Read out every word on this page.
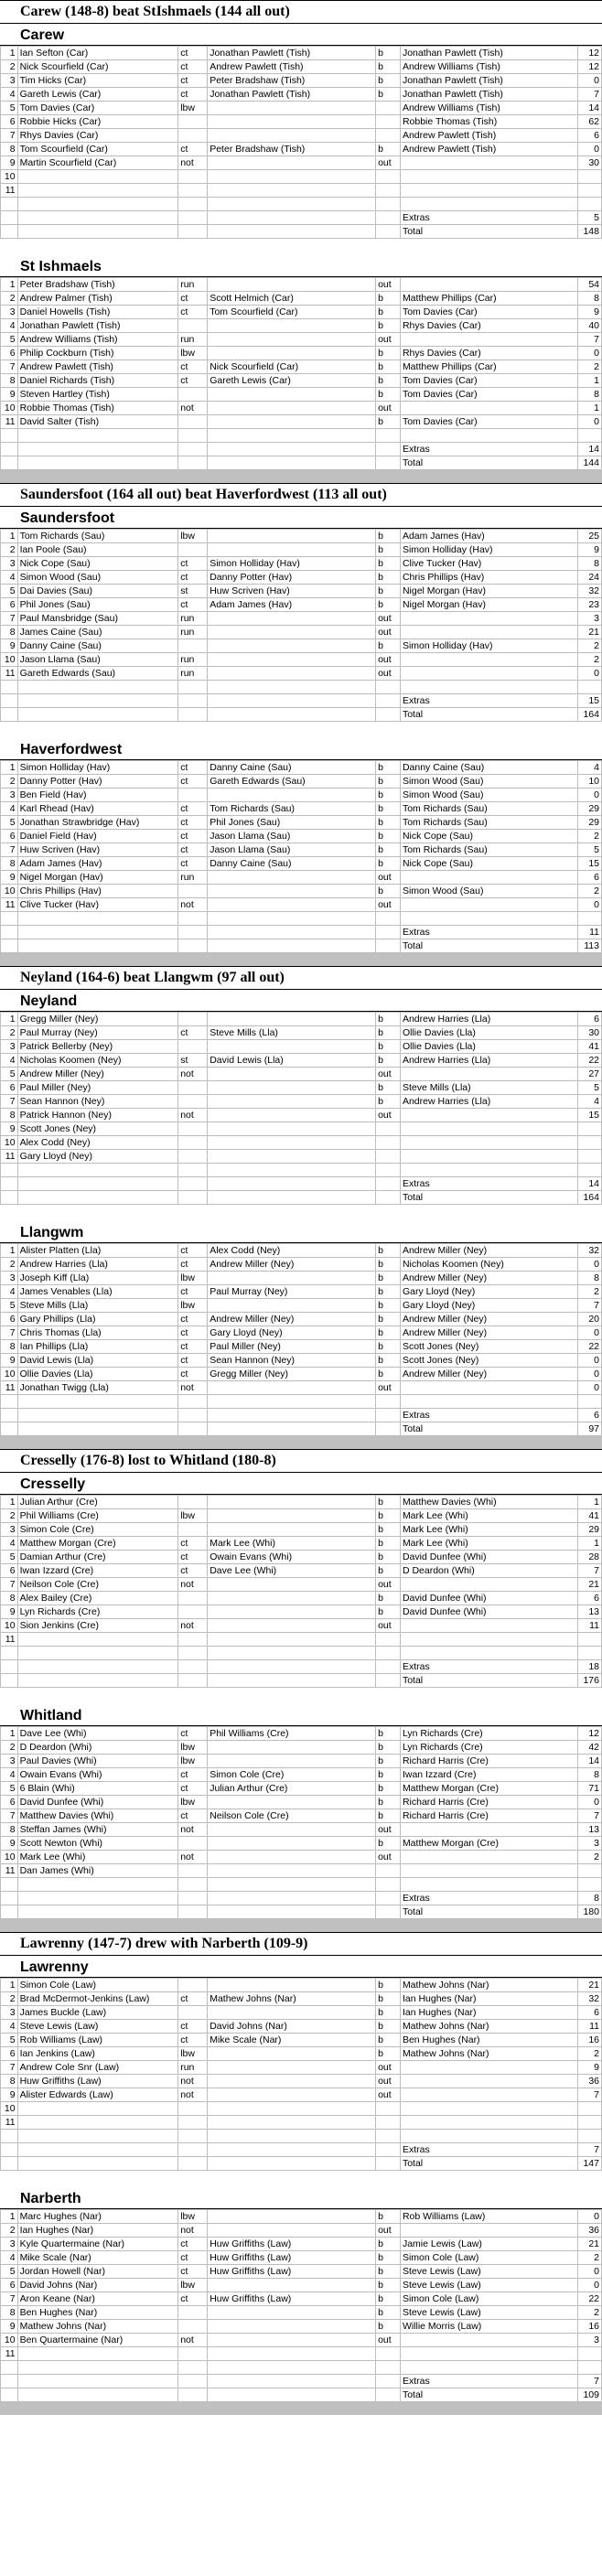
Carew (148-8) beat StIshmaels (144 all out)
Carew
1	Ian Sefton (Car)	ct	Jonathan Pawlett (Tish)	b	Jonathan Pawlett (Tish)	12
2	Nick Scourfield (Car)	ct	Andrew Pawlett (Tish)	b	Andrew Williams (Tish)	12
3	Tim Hicks (Car)	ct	Peter Bradshaw (Tish)	b	Jonathan Pawlett (Tish)	0
4	Gareth Lewis (Car)	ct	Jonathan Pawlett (Tish)	b	Jonathan Pawlett (Tish)	7
5	Tom Davies (Car)	lbw			Andrew Williams (Tish)	14
6	Robbie Hicks (Car)				Robbie Thomas (Tish)	62
7	Rhys Davies (Car)				Andrew Pawlett (Tish)	6
8	Tom Scourfield (Car)	ct	Peter Bradshaw (Tish)	b	Andrew Pawlett (Tish)	0
9	Martin Scourfield (Car)	not		out		30
10						
11						

					Extras	5
					Total	148
St Ishmaels
1	Peter Bradshaw (Tish)	run		out		54
2	Andrew Palmer (Tish)	ct	Scott Helmich (Car)	b	Matthew Phillips (Car)	8
3	Daniel Howells (Tish)	ct	Tom Scourfield (Car)	b	Tom Davies (Car)	9
4	Jonathan Pawlett (Tish)			b	Rhys Davies (Car)	40
5	Andrew Williams (Tish)	run		out		7
6	Philip Cockburn (Tish)	lbw		b	Rhys Davies (Car)	0
7	Andrew Pawlett (Tish)	ct	Nick Scourfield (Car)	b	Matthew Phillips (Car)	2
8	Daniel Richards (Tish)	ct	Gareth Lewis (Car)	b	Tom Davies (Car)	1
9	Steven Hartley (Tish)			b	Tom Davies (Car)	8
10	Robbie Thomas (Tish)	not		out		1
11	David Salter (Tish)			b	Tom Davies (Car)	0

					Extras	14
					Total	144
Saundersfoot (164 all out) beat Haverfordwest (113 all out)
Saundersfoot
1	Tom Richards (Sau)	lbw		b	Adam James (Hav)	25
2	Ian Poole (Sau)			b	Simon Holliday (Hav)	9
3	Nick Cope (Sau)	ct	Simon Holliday (Hav)	b	Clive Tucker (Hav)	8
4	Simon Wood (Sau)	ct	Danny Potter (Hav)	b	Chris Phillips (Hav)	24
5	Dai Davies (Sau)	st	Huw Scriven (Hav)	b	Nigel Morgan (Hav)	32
6	Phil Jones (Sau)	ct	Adam James (Hav)	b	Nigel Morgan (Hav)	23
7	Paul Mansbridge (Sau)	run		out		3
8	James Caine (Sau)	run		out		21
9	Danny Caine (Sau)			b	Simon Holliday (Hav)	2
10	Jason Llama (Sau)	run		out		2
11	Gareth Edwards (Sau)	run		out		0

					Extras	15
					Total	164
Haverfordwest
1	Simon Holliday (Hav)	ct	Danny Caine (Sau)	b	Danny Caine (Sau)	4
2	Danny Potter (Hav)	ct	Gareth Edwards (Sau)	b	Simon Wood (Sau)	10
3	Ben Field (Hav)			b	Simon Wood (Sau)	0
4	Karl Rhead (Hav)	ct	Tom Richards (Sau)	b	Tom Richards (Sau)	29
5	Jonathan Strawbridge (Hav)	ct	Phil Jones (Sau)	b	Tom Richards (Sau)	29
6	Daniel Field (Hav)	ct	Jason Llama (Sau)	b	Nick Cope (Sau)	2
7	Huw Scriven (Hav)	ct	Jason Llama (Sau)	b	Tom Richards (Sau)	5
8	Adam James (Hav)	ct	Danny Caine (Sau)	b	Nick Cope (Sau)	15
9	Nigel Morgan (Hav)	run		out		6
10	Chris Phillips (Hav)			b	Simon Wood (Sau)	2
11	Clive Tucker (Hav)	not		out		0

					Extras	11
					Total	113
Neyland (164-6) beat Llangwm (97 all out)
Neyland
1	Gregg Miller (Ney)			b	Andrew Harries (Lla)	6
2	Paul Murray (Ney)	ct	Steve Mills (Lla)	b	Ollie Davies (Lla)	30
3	Patrick Bellerby (Ney)			b	Ollie Davies (Lla)	41
4	Nicholas Koomen (Ney)	st	David Lewis (Lla)	b	Andrew Harries (Lla)	22
5	Andrew Miller (Ney)	not		out		27
6	Paul Miller (Ney)			b	Steve Mills (Lla)	5
7	Sean Hannon (Ney)			b	Andrew Harries (Lla)	4
8	Patrick Hannon (Ney)	not		out		15
9	Scott Jones (Ney)					
10	Alex Codd (Ney)					
11	Gary Lloyd (Ney)					

					Extras	14
					Total	164
Llangwm
1	Alister Platten (Lla)	ct	Alex Codd (Ney)	b	Andrew Miller (Ney)	32
2	Andrew Harries (Lla)	ct	Andrew Miller (Ney)	b	Nicholas Koomen (Ney)	0
3	Joseph Kiff (Lla)	lbw		b	Andrew Miller (Ney)	8
4	James Venables (Lla)	ct	Paul Murray (Ney)	b	Gary Lloyd (Ney)	2
5	Steve Mills (Lla)	lbw		b	Gary Lloyd (Ney)	7
6	Gary Phillips (Lla)	ct	Andrew Miller (Ney)	b	Andrew Miller (Ney)	20
7	Chris Thomas (Lla)	ct	Gary Lloyd (Ney)	b	Andrew Miller (Ney)	0
8	Ian Phillips (Lla)	ct	Paul Miller (Ney)	b	Scott Jones (Ney)	22
9	David Lewis (Lla)	ct	Sean Hannon (Ney)	b	Scott Jones (Ney)	0
10	Ollie Davies (Lla)	ct	Gregg Miller (Ney)	b	Andrew Miller (Ney)	0
11	Jonathan Twigg (Lla)	not		out		0

					Extras	6
					Total	97
Cresselly (176-8) lost to Whitland (180-8)
Cresselly
1	Julian Arthur (Cre)			b	Matthew Davies (Whi)	1
2	Phil Williams (Cre)	lbw		b	Mark Lee (Whi)	41
3	Simon Cole (Cre)			b	Mark Lee (Whi)	29
4	Matthew Morgan (Cre)	ct	Mark Lee (Whi)	b	Mark Lee (Whi)	1
5	Damian Arthur (Cre)	ct	Owain Evans (Whi)	b	David Dunfee (Whi)	28
6	Iwan Izzard (Cre)	ct	Dave Lee (Whi)	b	D Deardon (Whi)	7
7	Neilson Cole (Cre)	not		out		21
8	Alex Bailey (Cre)			b	David Dunfee (Whi)	6
9	Lyn Richards (Cre)			b	David Dunfee (Whi)	13
10	Sion Jenkins (Cre)	not		out		11
11						

					Extras	18
					Total	176
Whitland
1	Dave Lee (Whi)	ct	Phil Williams (Cre)	b	Lyn Richards (Cre)	12
2	D Deardon (Whi)	lbw		b	Lyn Richards (Cre)	42
3	Paul Davies (Whi)	lbw		b	Richard Harris (Cre)	14
4	Owain Evans (Whi)	ct	Simon Cole (Cre)	b	Iwan Izzard (Cre)	8
5	6 Blain (Whi)	ct	Julian Arthur (Cre)	b	Matthew Morgan (Cre)	71
6	David Dunfee (Whi)	lbw		b	Richard Harris (Cre)	0
7	Matthew Davies (Whi)	ct	Neilson Cole (Cre)	b	Richard Harris (Cre)	7
8	Steffan James (Whi)	not		out		13
9	Scott Newton (Whi)			b	Matthew Morgan (Cre)	3
10	Mark Lee (Whi)	not		out		2
11	Dan James (Whi)					

					Extras	8
					Total	180
Lawrenny (147-7) drew with Narberth (109-9)
Lawrenny
1	Simon Cole (Law)			b	Mathew Johns (Nar)	21
2	Brad McDermot-Jenkins (Law)	ct	Mathew Johns (Nar)	b	Ian Hughes (Nar)	32
3	James Buckle (Law)			b	Ian Hughes (Nar)	6
4	Steve Lewis (Law)	ct	David Johns (Nar)	b	Mathew Johns (Nar)	11
5	Rob Williams (Law)	ct	Mike Scale (Nar)	b	Ben Hughes (Nar)	16
6	Ian Jenkins (Law)	lbw		b	Mathew Johns (Nar)	2
7	Andrew Cole Snr (Law)	run		out		9
8	Huw Griffiths (Law)	not		out		36
9	Alister Edwards (Law)	not		out		7
10						
11						

					Extras	7
					Total	147
Narberth
1	Marc Hughes (Nar)	lbw		b	Rob Williams (Law)	0
2	Ian Hughes (Nar)	not		out		36
3	Kyle Quartermaine (Nar)	ct	Huw Griffiths (Law)	b	Jamie Lewis (Law)	21
4	Mike Scale (Nar)	ct	Huw Griffiths (Law)	b	Simon Cole (Law)	2
5	Jordan Howell (Nar)	ct	Huw Griffiths (Law)	b	Steve Lewis (Law)	0
6	David Johns (Nar)	lbw		b	Steve Lewis (Law)	0
7	Aron Keane (Nar)	ct	Huw Griffiths (Law)	b	Simon Cole (Law)	22
8	Ben Hughes (Nar)			b	Steve Lewis (Law)	2
9	Mathew Johns (Nar)			b	Willie Morris (Law)	16
10	Ben Quartermaine (Nar)	not		out		3
11						

					Extras	7
					Total	109
